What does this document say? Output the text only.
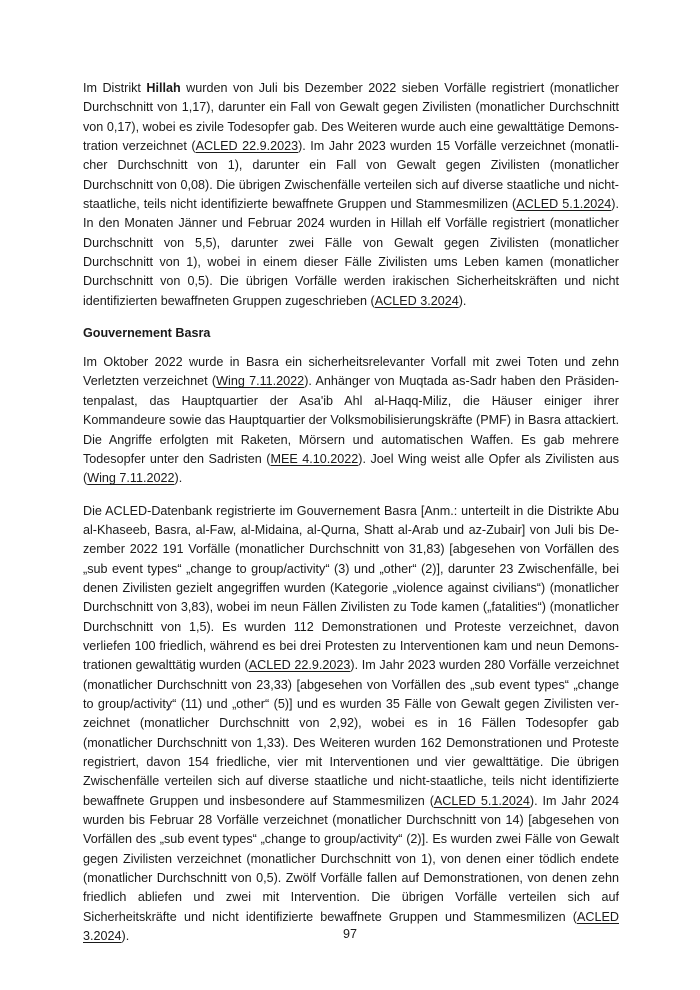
Im Distrikt Hillah wurden von Juli bis Dezember 2022 sieben Vorfälle registriert (monatlicher Durchschnitt von 1,17), darunter ein Fall von Gewalt gegen Zivilisten (monatlicher Durchschnitt von 0,17), wobei es zivile Todesopfer gab. Des Weiteren wurde auch eine gewalttätige Demonstration verzeichnet (ACLED 22.9.2023). Im Jahr 2023 wurden 15 Vorfälle verzeichnet (monatlicher Durchschnitt von 1), darunter ein Fall von Gewalt gegen Zivilisten (monatlicher Durchschnitt von 0,08). Die übrigen Zwischenfälle verteilen sich auf diverse staatliche und nicht-staatliche, teils nicht identifizierte bewaffnete Gruppen und Stammesmilizen (ACLED 5.1.2024). In den Monaten Jänner und Februar 2024 wurden in Hillah elf Vorfälle registriert (monatlicher Durchschnitt von 5,5), darunter zwei Fälle von Gewalt gegen Zivilisten (monatlicher Durchschnitt von 1), wobei in einem dieser Fälle Zivilisten ums Leben kamen (monatlicher Durchschnitt von 0,5). Die übrigen Vorfälle werden irakischen Sicherheitskräften und nicht identifizierten bewaffneten Gruppen zugeschrieben (ACLED 3.2024).

Gouvernement Basra

Im Oktober 2022 wurde in Basra ein sicherheitsrelevanter Vorfall mit zwei Toten und zehn Verletzten verzeichnet (Wing 7.11.2022). Anhänger von Muqtada as-Sadr haben den Präsidentenpalast, das Hauptquartier der Asa'ib Ahl al-Haqq-Miliz, die Häuser einiger ihrer Kommandeure sowie das Hauptquartier der Volksmobilisierungskräfte (PMF) in Basra attackiert. Die Angriffe erfolgten mit Raketen, Mörsern und automatischen Waffen. Es gab mehrere Todesopfer unter den Sadristen (MEE 4.10.2022). Joel Wing weist alle Opfer als Zivilisten aus (Wing 7.11.2022).

Die ACLED-Datenbank registrierte im Gouvernement Basra [Anm.: unterteilt in die Distrikte Abu al-Khaseeb, Basra, al-Faw, al-Midaina, al-Qurna, Shatt al-Arab und az-Zubair] von Juli bis Dezember 2022 191 Vorfälle (monatlicher Durchschnitt von 31,83) [abgesehen von Vorfällen des „sub event types“ „change to group/activity“ (3) und „other“ (2)], darunter 23 Zwischenfälle, bei denen Zivilisten gezielt angegriffen wurden (Kategorie „violence against civilians“) (monatlicher Durchschnitt von 3,83), wobei im neun Fällen Zivilisten zu Tode kamen („fatalities“) (monatlicher Durchschnitt von 1,5). Es wurden 112 Demonstrationen und Proteste verzeichnet, davon verliefen 100 friedlich, während es bei drei Protesten zu Interventionen kam und neun Demonstrationen gewalttätig wurden (ACLED 22.9.2023). Im Jahr 2023 wurden 280 Vorfälle verzeichnet (monatlicher Durchschnitt von 23,33) [abgesehen von Vorfällen des „sub event types“ „change to group/activity“ (11) und „other“ (5)] und es wurden 35 Fälle von Gewalt gegen Zivilisten verzeichnet (monatlicher Durchschnitt von 2,92), wobei es in 16 Fällen Todesopfer gab (monatlicher Durchschnitt von 1,33). Des Weiteren wurden 162 Demonstrationen und Proteste registriert, davon 154 friedliche, vier mit Interventionen und vier gewalttätige. Die übrigen Zwischenfälle verteilen sich auf diverse staatliche und nicht-staatliche, teils nicht identifizierte bewaffnete Gruppen und insbesondere auf Stammesmilizen (ACLED 5.1.2024). Im Jahr 2024 wurden bis Februar 28 Vorfälle verzeichnet (monatlicher Durchschnitt von 14) [abgesehen von Vorfällen des „sub event types“ „change to group/activity“ (2)]. Es wurden zwei Fälle von Gewalt gegen Zivilisten verzeichnet (monatlicher Durchschnitt von 1), von denen einer tödlich endete (monatlicher Durchschnitt von 0,5). Zwölf Vorfälle fallen auf Demonstrationen, von denen zehn friedlich abliefen und zwei mit Intervention. Die übrigen Vorfälle verteilen sich auf Sicherheitskräfte und nicht identifizierte bewaffnete Gruppen und Stammesmilizen (ACLED 3.2024).	97
